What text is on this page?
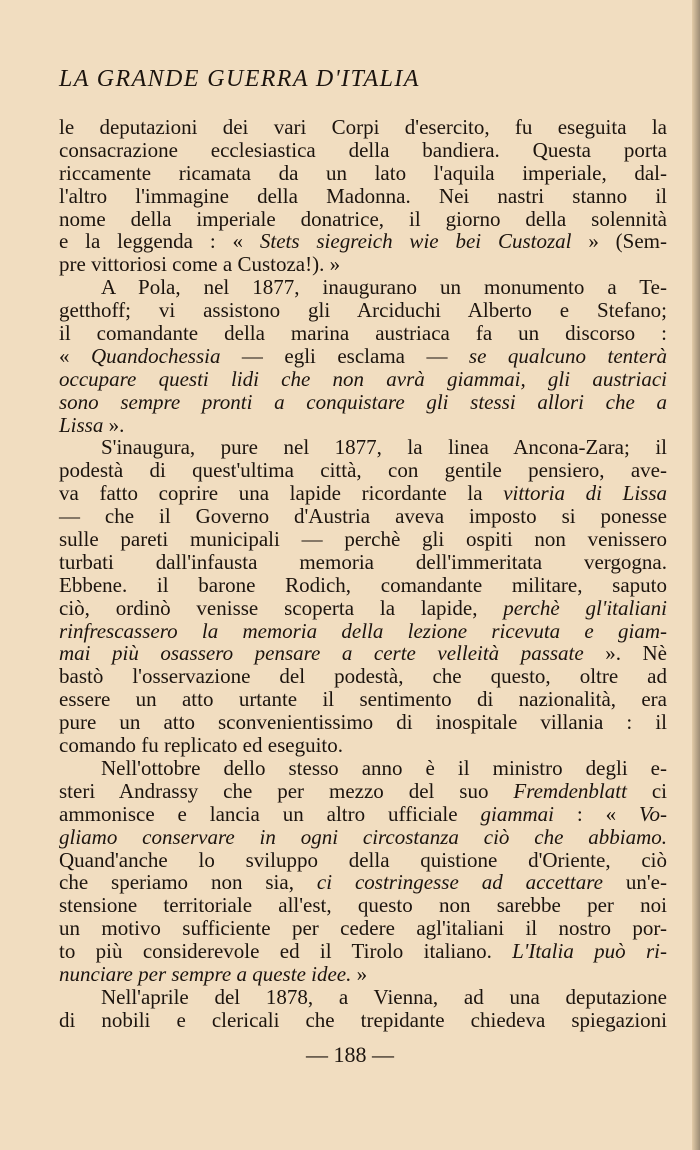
LA GRANDE GUERRA D'ITALIA
le deputazioni dei vari Corpi d'esercito, fu eseguita la
consacrazione ecclesiastica della bandiera. Questa porta
riccamente ricamata da un lato l'aquila imperiale, dal-
l'altro l'immagine della Madonna. Nei nastri stanno il
nome della imperiale donatrice, il giorno della solennità
e la leggenda : « Stets siegreich wie bei Custozal » (Sem-
pre vittoriosi come a Custoza!). »
A Pola, nel 1877, inaugurano un monumento a Te-
getthoff; vi assistono gli Arciduchi Alberto e Stefano;
il comandante della marina austriaca fa un discorso :
« Quandochessia — egli esclama — se qualcuno tenterà
occupare questi lidi che non avrà giammai, gli austriaci
sono sempre pronti a conquistare gli stessi allori che a
Lissa ».
S'inaugura, pure nel 1877, la linea Ancona-Zara; il
podestà di quest'ultima città, con gentile pensiero, ave-
va fatto coprire una lapide ricordante la vittoria di Lissa
— che il Governo d'Austria aveva imposto si ponesse
sulle pareti municipali — perchè gli ospiti non venissero
turbati dall'infausta memoria dell'immeritata vergogna.
Ebbene. il barone Rodich, comandante militare, saputo
ciò, ordinò venisse scoperta la lapide, perchè gl'italiani
rinfrescassero la memoria della lezione ricevuta e giam-
mai più osassero pensare a certe velleità passate ». Nè
bastò l'osservazione del podestà, che questo, oltre ad
essere un atto urtante il sentimento di nazionalità, era
pure un atto sconvenientissimo di inospitale villania : il
comando fu replicato ed eseguito.
Nell'ottobre dello stesso anno è il ministro degli e-
steri Andrassy che per mezzo del suo Fremdenblatt ci
ammonisce e lancia un altro ufficiale giammai : « Vo-
gliamo conservare in ogni circostanza ciò che abbiamo.
Quand'anche lo sviluppo della quistione d'Oriente, ciò
che speriamo non sia, ci costringesse ad accettare un'e-
stensione territoriale all'est, questo non sarebbe per noi
un motivo sufficiente per cedere agl'italiani il nostro por-
to più considerevole ed il Tirolo italiano. L'Italia può ri-
nunciare per sempre a queste idee. »
Nell'aprile del 1878, a Vienna, ad una deputazione
di nobili e clericali che trepidante chiedeva spiegazioni
— 188 —
